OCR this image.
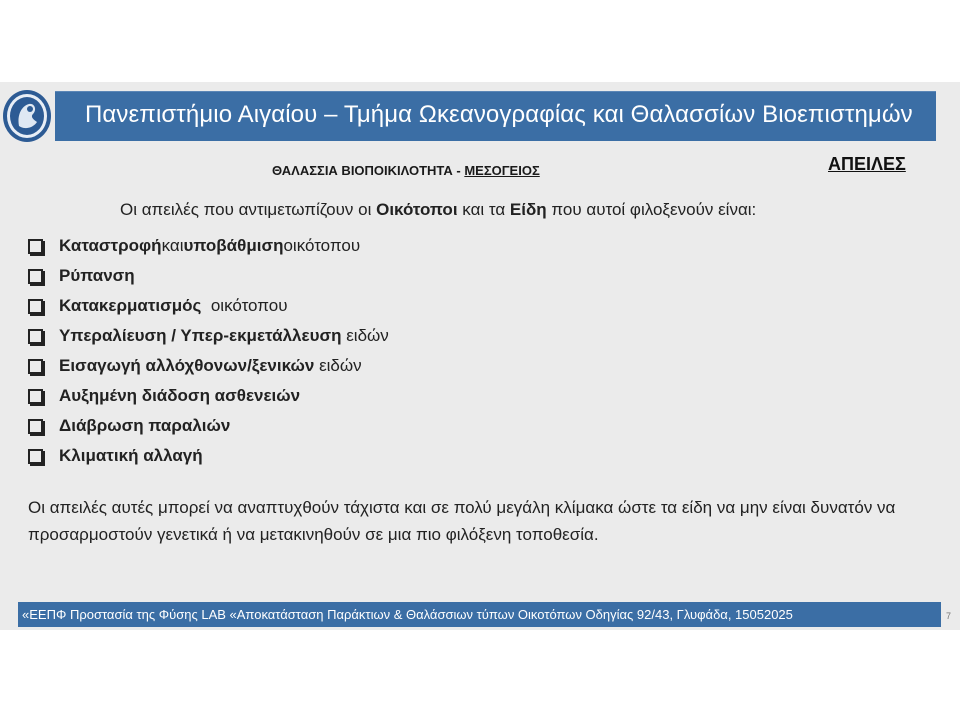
Πανεπιστήμιο Αιγαίου – Τμήμα Ωκεανογραφίας και Θαλασσίων Βιοεπιστημών
ΘΑΛΑΣΣΙΑ ΒΙΟΠΟΙΚΙΛΟΤΗΤΑ - ΜΕΣΟΓΕΙΟΣ	ΑΠΕΙΛΕΣ
Οι απειλές που αντιμετωπίζουν οι Οικότοποι και τα Είδη που αυτοί φιλοξενούν είναι:
Καταστροφή και υποβάθμιση οικότοπου
Ρύπανση
Κατακερματισμός οικότοπου
Υπεραλίευση / Υπερ-εκμετάλλευση ειδών
Εισαγωγή αλλόχθονων/ξενικών ειδών
Αυξημένη διάδοση ασθενειών
Διάβρωση παραλιών
Κλιματική αλλαγή
Οι απειλές αυτές μπορεί να αναπτυχθούν τάχιστα και σε πολύ μεγάλη κλίμακα ώστε τα είδη να μην είναι δυνατόν να προσαρμοστούν γενετικά ή να μετακινηθούν σε μια πιο φιλόξενη τοποθεσία.
«ΕΕΠΦ Προστασία της Φύσης LAB «Αποκατάσταση Παράκτιων & Θαλάσσιων τύπων Οικοτόπων Οδηγίας 92/43, Γλυφάδα, 15052025	7
